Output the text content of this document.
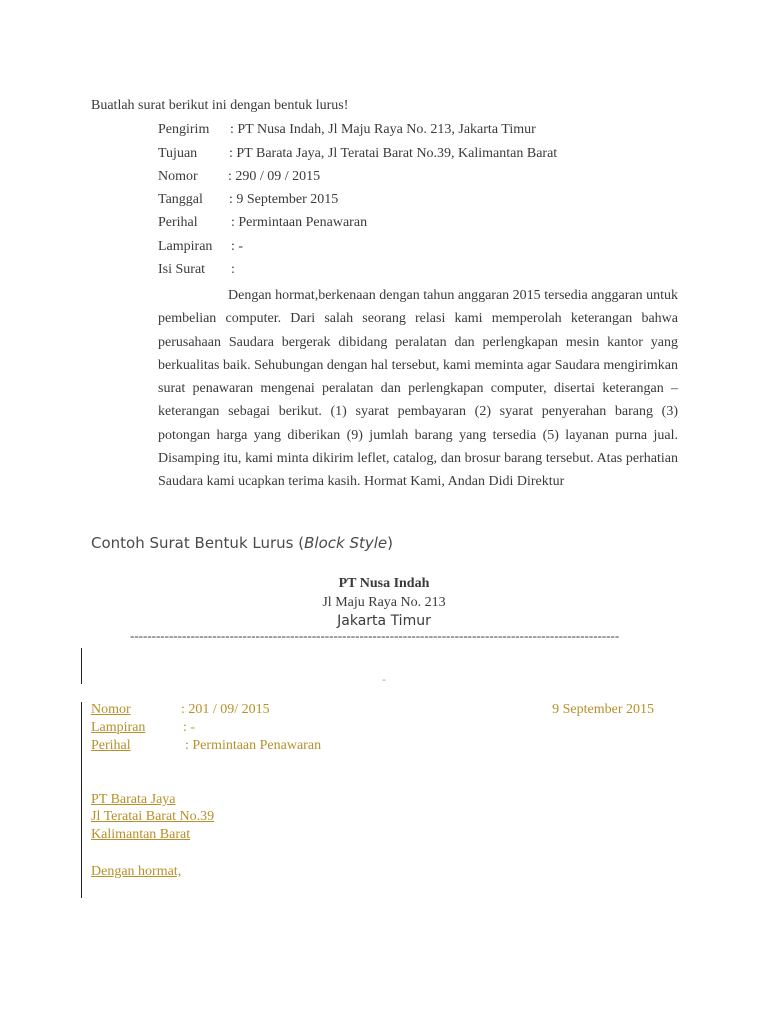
Buatlah surat berikut ini dengan bentuk lurus!
Pengirim : PT Nusa Indah, Jl Maju Raya No. 213, Jakarta Timur
Tujuan : PT Barata Jaya, Jl Teratai Barat No.39, Kalimantan Barat
Nomor : 290 / 09 / 2015
Tanggal : 9 September 2015
Perihal : Permintaan Penawaran
Lampiran : -
Isi Surat :
Dengan hormat,berkenaan dengan tahun anggaran 2015 tersedia anggaran untuk pembelian computer. Dari salah seorang relasi kami memperolah keterangan bahwa perusahaan Saudara bergerak dibidang peralatan dan perlengkapan mesin kantor yang berkualitas baik. Sehubungan dengan hal tersebut, kami meminta agar Saudara mengirimkan surat penawaran mengenai peralatan dan perlengkapan computer, disertai keterangan – keterangan sebagai berikut. (1) syarat pembayaran (2) syarat penyerahan barang (3) potongan harga yang diberikan (9) jumlah barang yang tersedia (5) layanan purna jual. Disamping itu, kami minta dikirim leflet, catalog, dan brosur barang tersebut. Atas perhatian Saudara kami ucapkan terima kasih. Hormat Kami, Andan Didi Direktur
Contoh Surat Bentuk Lurus (Block Style)
PT Nusa Indah
Jl Maju Raya No. 213
Jakarta Timur
-----------------------------------------------------------------------------------------------------------------
-
Nomor	: 201 / 09/ 2015	9 September 2015
Lampiran	: -
Perihal	: Permintaan Penawaran
PT Barata Jaya
Jl Teratai Barat No.39
Kalimantan Barat
Dengan hormat,
